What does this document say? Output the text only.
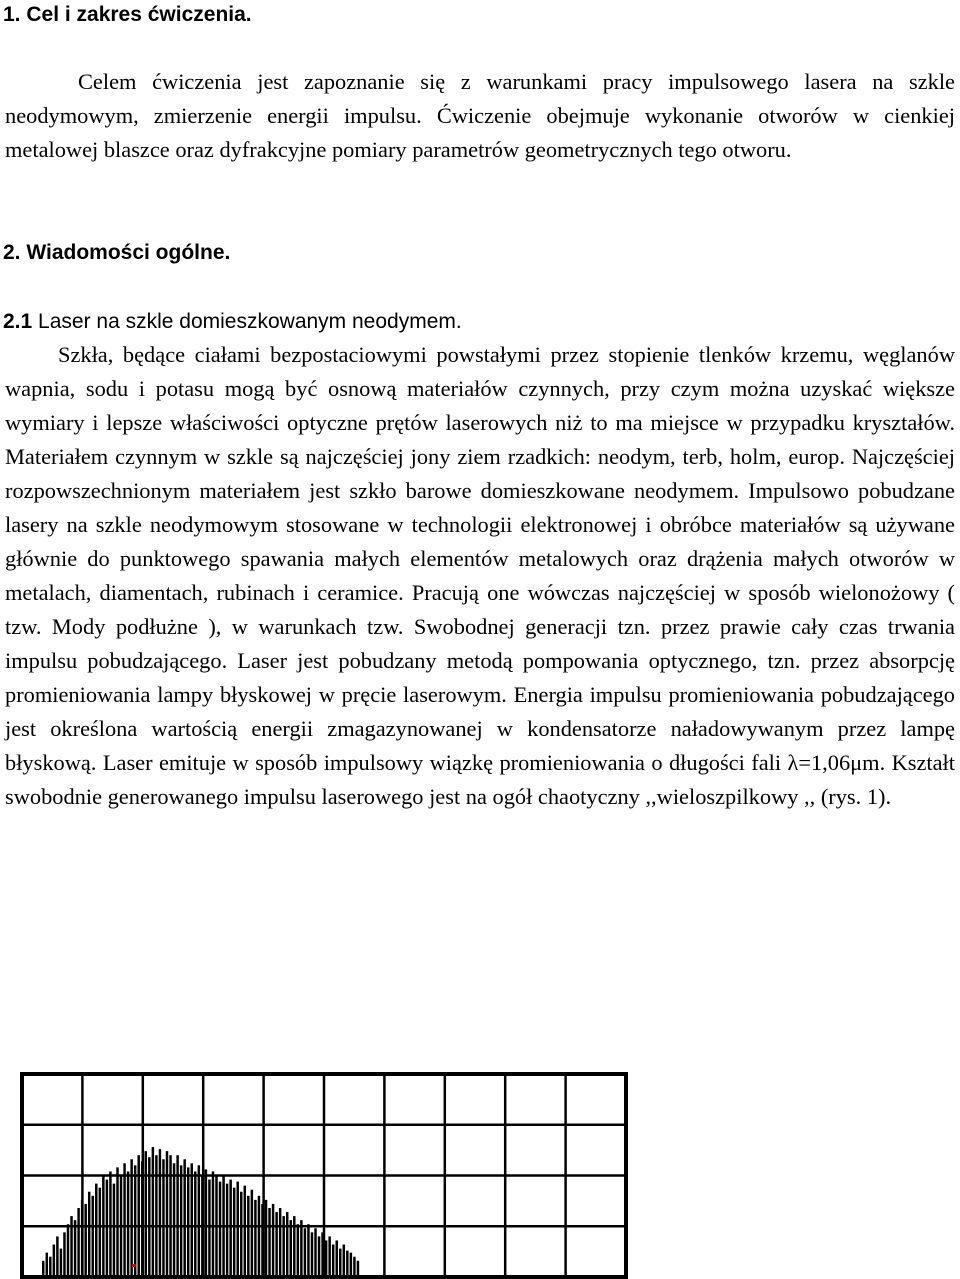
1. Cel i zakres ćwiczenia.
Celem ćwiczenia jest zapoznanie się z warunkami pracy impulsowego lasera na szkle neodymowym, zmierzenie energii impulsu. Ćwiczenie obejmuje wykonanie otworów w cienkiej metalowej blaszce oraz dyfrakcyjne pomiary parametrów geometrycznych tego otworu.
2. Wiadomości ogólne.
2.1 Laser na szkle domieszkowanym neodymem.
Szkła, będące ciałami bezpostaciowymi powstałymi przez stopienie tlenków krzemu, węglanów wapnia, sodu i potasu mogą być osnową materiałów czynnych, przy czym można uzyskać większe wymiary i lepsze właściwości optyczne prętów laserowych niż to ma miejsce w przypadku kryształów. Materiałem czynnym w szkle są najczęściej jony ziem rzadkich: neodym, terb, holm, europ. Najczęściej rozpowszechnionym materiałem jest szkło barowe domieszkowane neodymem. Impulsowo pobudzane lasery na szkle neodymowym stosowane w technologii elektronowej i obróbce materiałów są używane głównie do punktowego spawania małych elementów metalowych oraz drążenia małych otworów w metalach, diamentach, rubinach i ceramice. Pracują one wówczas najczęściej w sposób wielonożowy ( tzw. Mody podłużne ), w warunkach tzw. Swobodnej generacji tzn. przez prawie cały czas trwania impulsu pobudzającego. Laser jest pobudzany metodą pompowania optycznego, tzn. przez absorpcję promieniowania lampy błyskowej w pręcie laserowym. Energia impulsu promieniowania pobudzającego jest określona wartością energii zmagazynowanej w kondensatorze naładowywanym przez lampę błyskową. Laser emituje w sposób impulsowy wiązkę promieniowania o długości fali λ=1,06μm. Kształt swobodnie generowanego impulsu laserowego jest na ogół chaotyczny ,,wieloszpilkowy ,, (rys. 1).
